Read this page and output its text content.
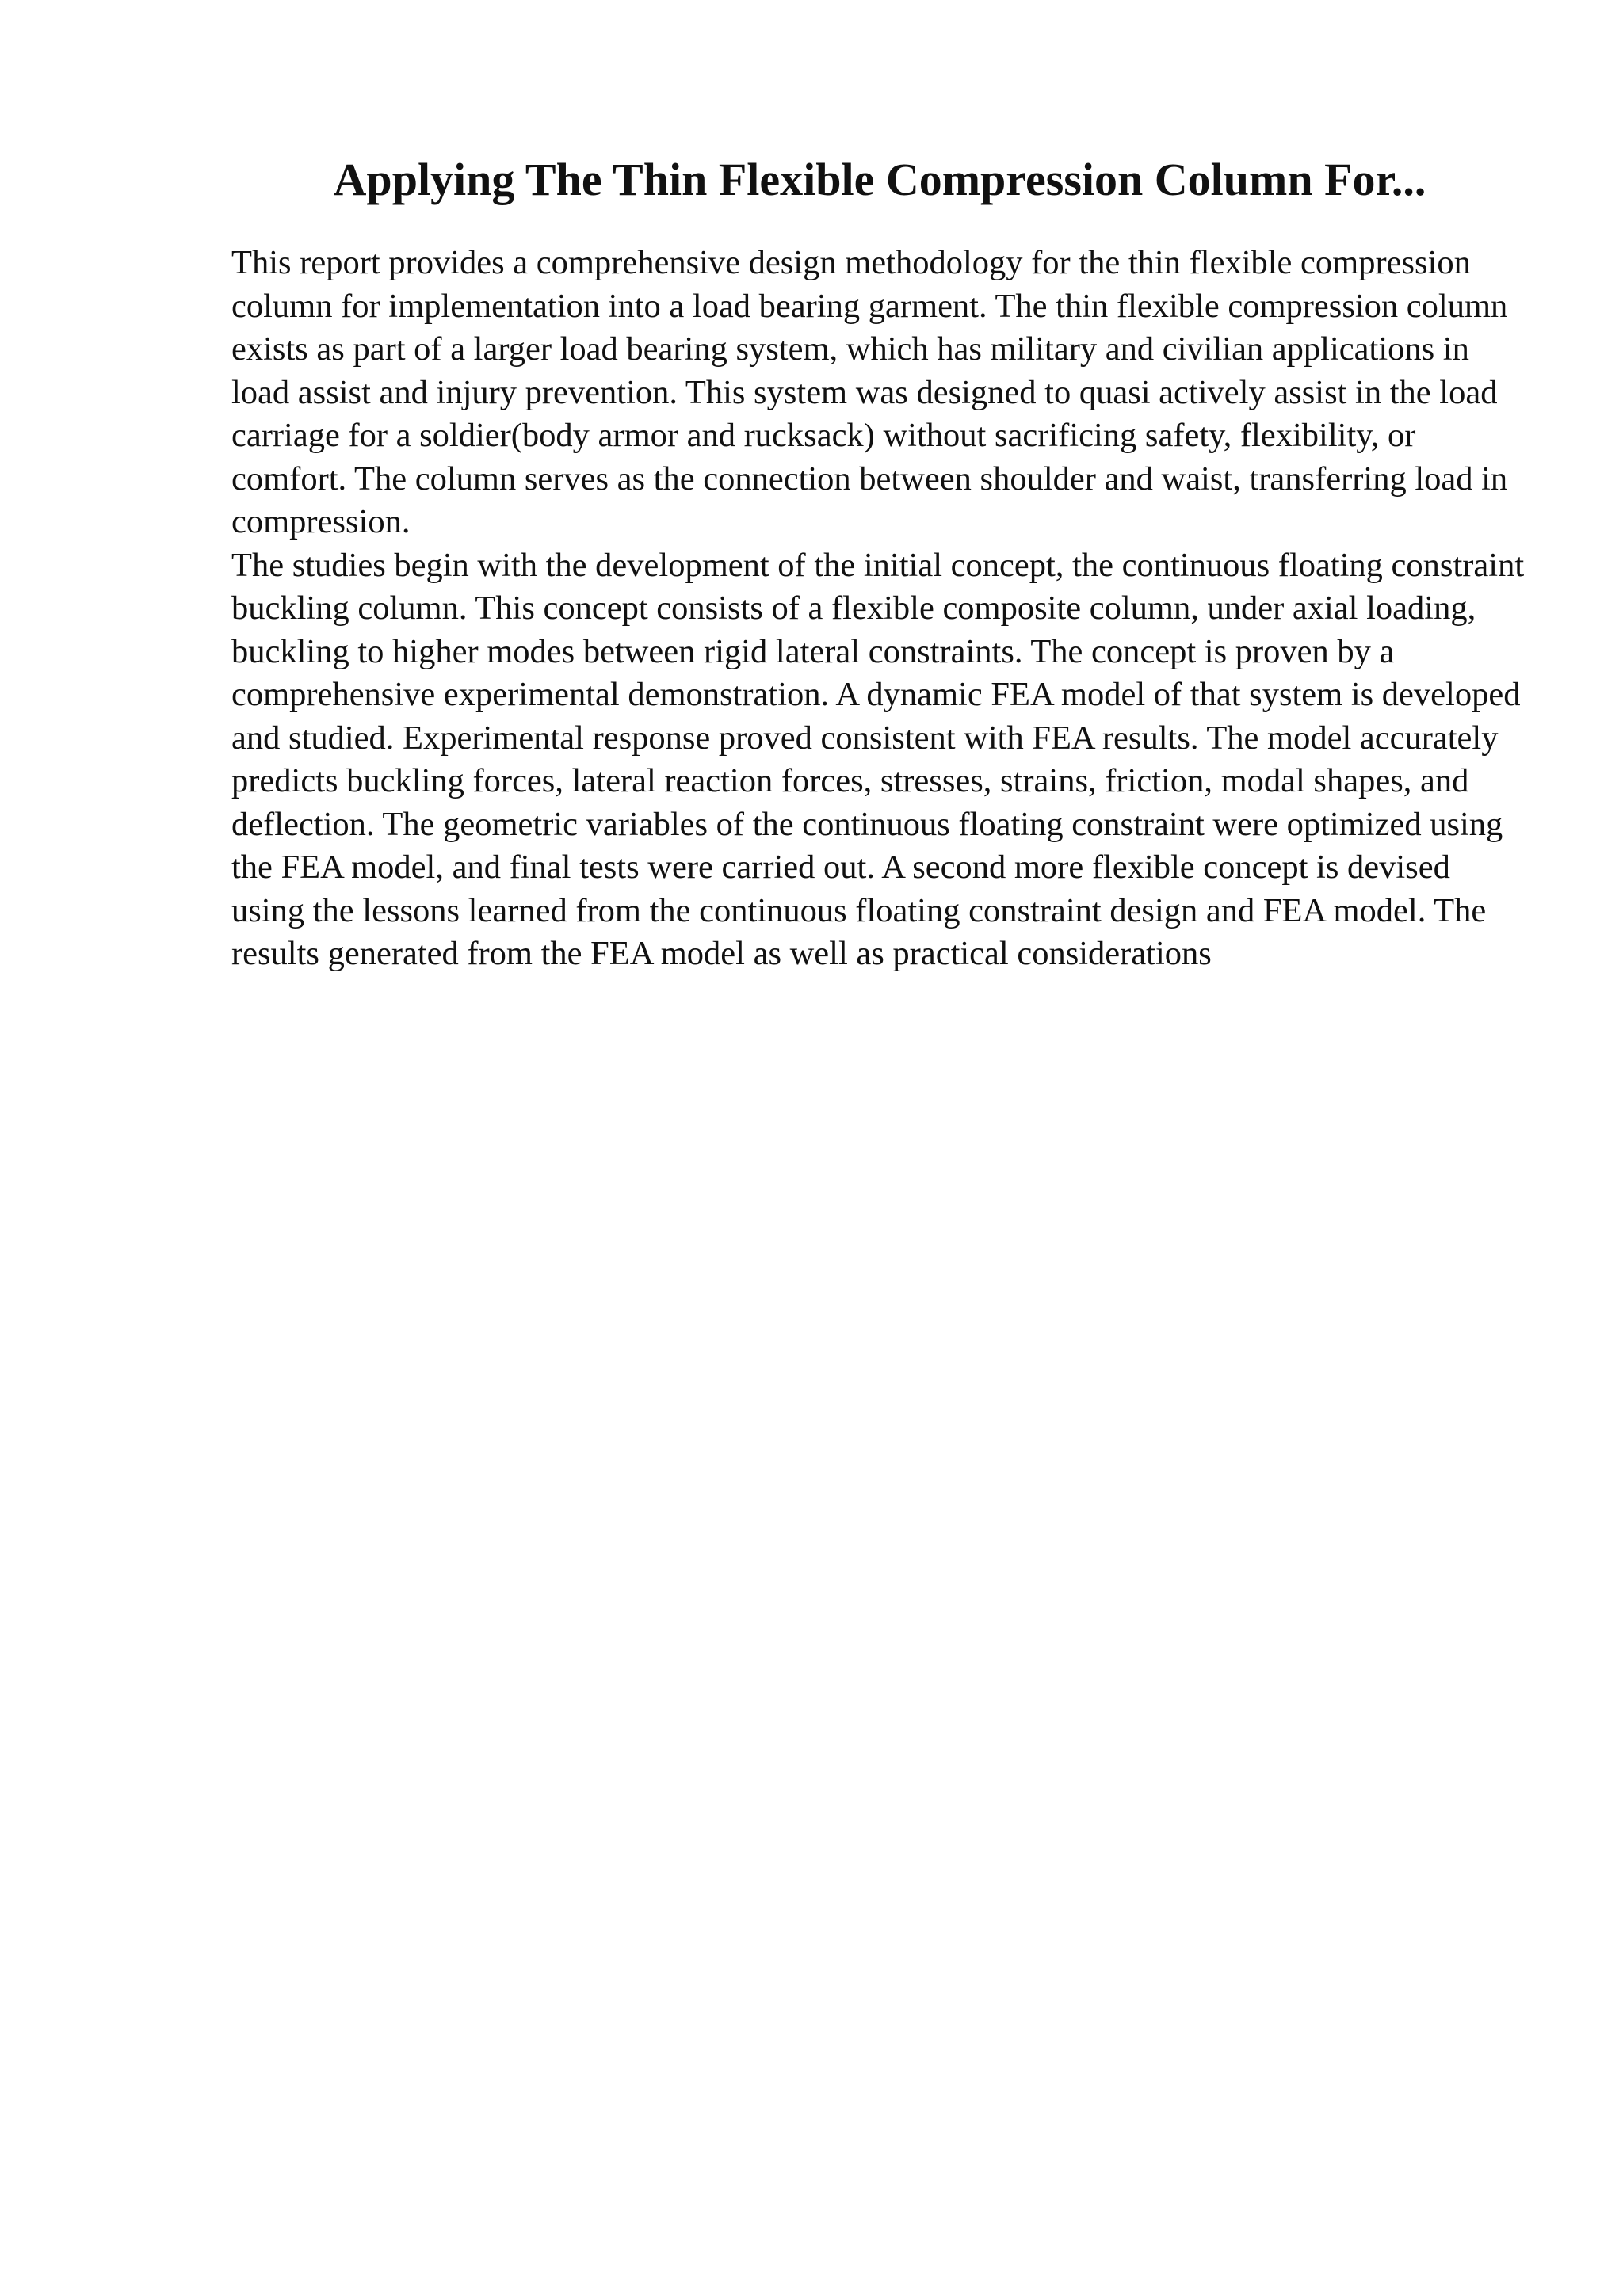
Applying The Thin Flexible Compression Column For...

This report provides a comprehensive design methodology for the thin flexible compression column for implementation into a load bearing garment. The thin flexible compression column exists as part of a larger load bearing system, which has military and civilian applications in load assist and injury prevention. This system was designed to quasi actively assist in the load carriage for a soldier(body armor and rucksack) without sacrificing safety, flexibility, or comfort. The column serves as the connection between shoulder and waist, transferring load in compression.

The studies begin with the development of the initial concept, the continuous floating constraint buckling column. This concept consists of a flexible composite column, under axial loading, buckling to higher modes between rigid lateral constraints. The concept is proven by a comprehensive experimental demonstration. A dynamic FEA model of that system is developed and studied. Experimental response proved consistent with FEA results. The model accurately predicts buckling forces, lateral reaction forces, stresses, strains, friction, modal shapes, and deflection. The geometric variables of the continuous floating constraint were optimized using the FEA model, and final tests were carried out. A second more flexible concept is devised using the lessons learned from the continuous floating constraint design and FEA model. The results generated from the FEA model as well as practical considerations
